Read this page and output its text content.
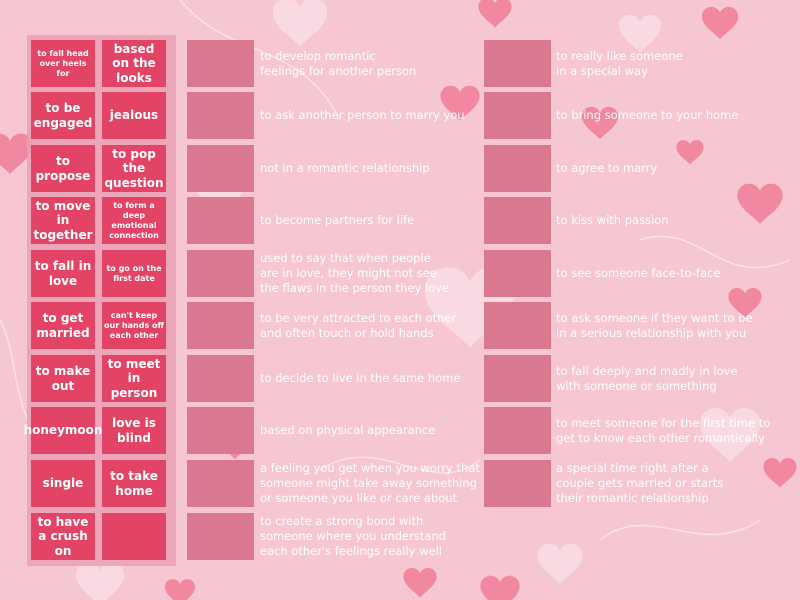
to fall head over heels for
based on the looks
to be engaged
jealous
to propose
to pop the question
to move in together
to form a deep emotional connection
to fall in love
to go on the first date
to get married
can't keep our hands off each other
to make out
to meet in person
honeymoon
love is blind
single
to take home
to have a crush on
to develop romantic
feelings for another person
to ask another person to marry you
not in a romantic relationship
to become partners for life
used to say that when people
are in love, they might not see
the flaws in the person they love
to be very attracted to each other
and often touch or hold hands
to decide to live in the same home
based on physical appearance
a feeling you get when you worry that
someone might take away something
or someone you like or care about
to create a strong bond with
someone where you understand
each other's feelings really well
to really like someone
in a special way
to bring someone to your home
to agree to marry
to kiss with passion
to see someone face-to-face
to ask someone if they want to be
in a serious relationship with you
to fall deeply and madly in love
with someone or something
to meet someone for the first time to
get to know each other romantically
a special time right after a
couple gets married or starts
their romantic relationship
